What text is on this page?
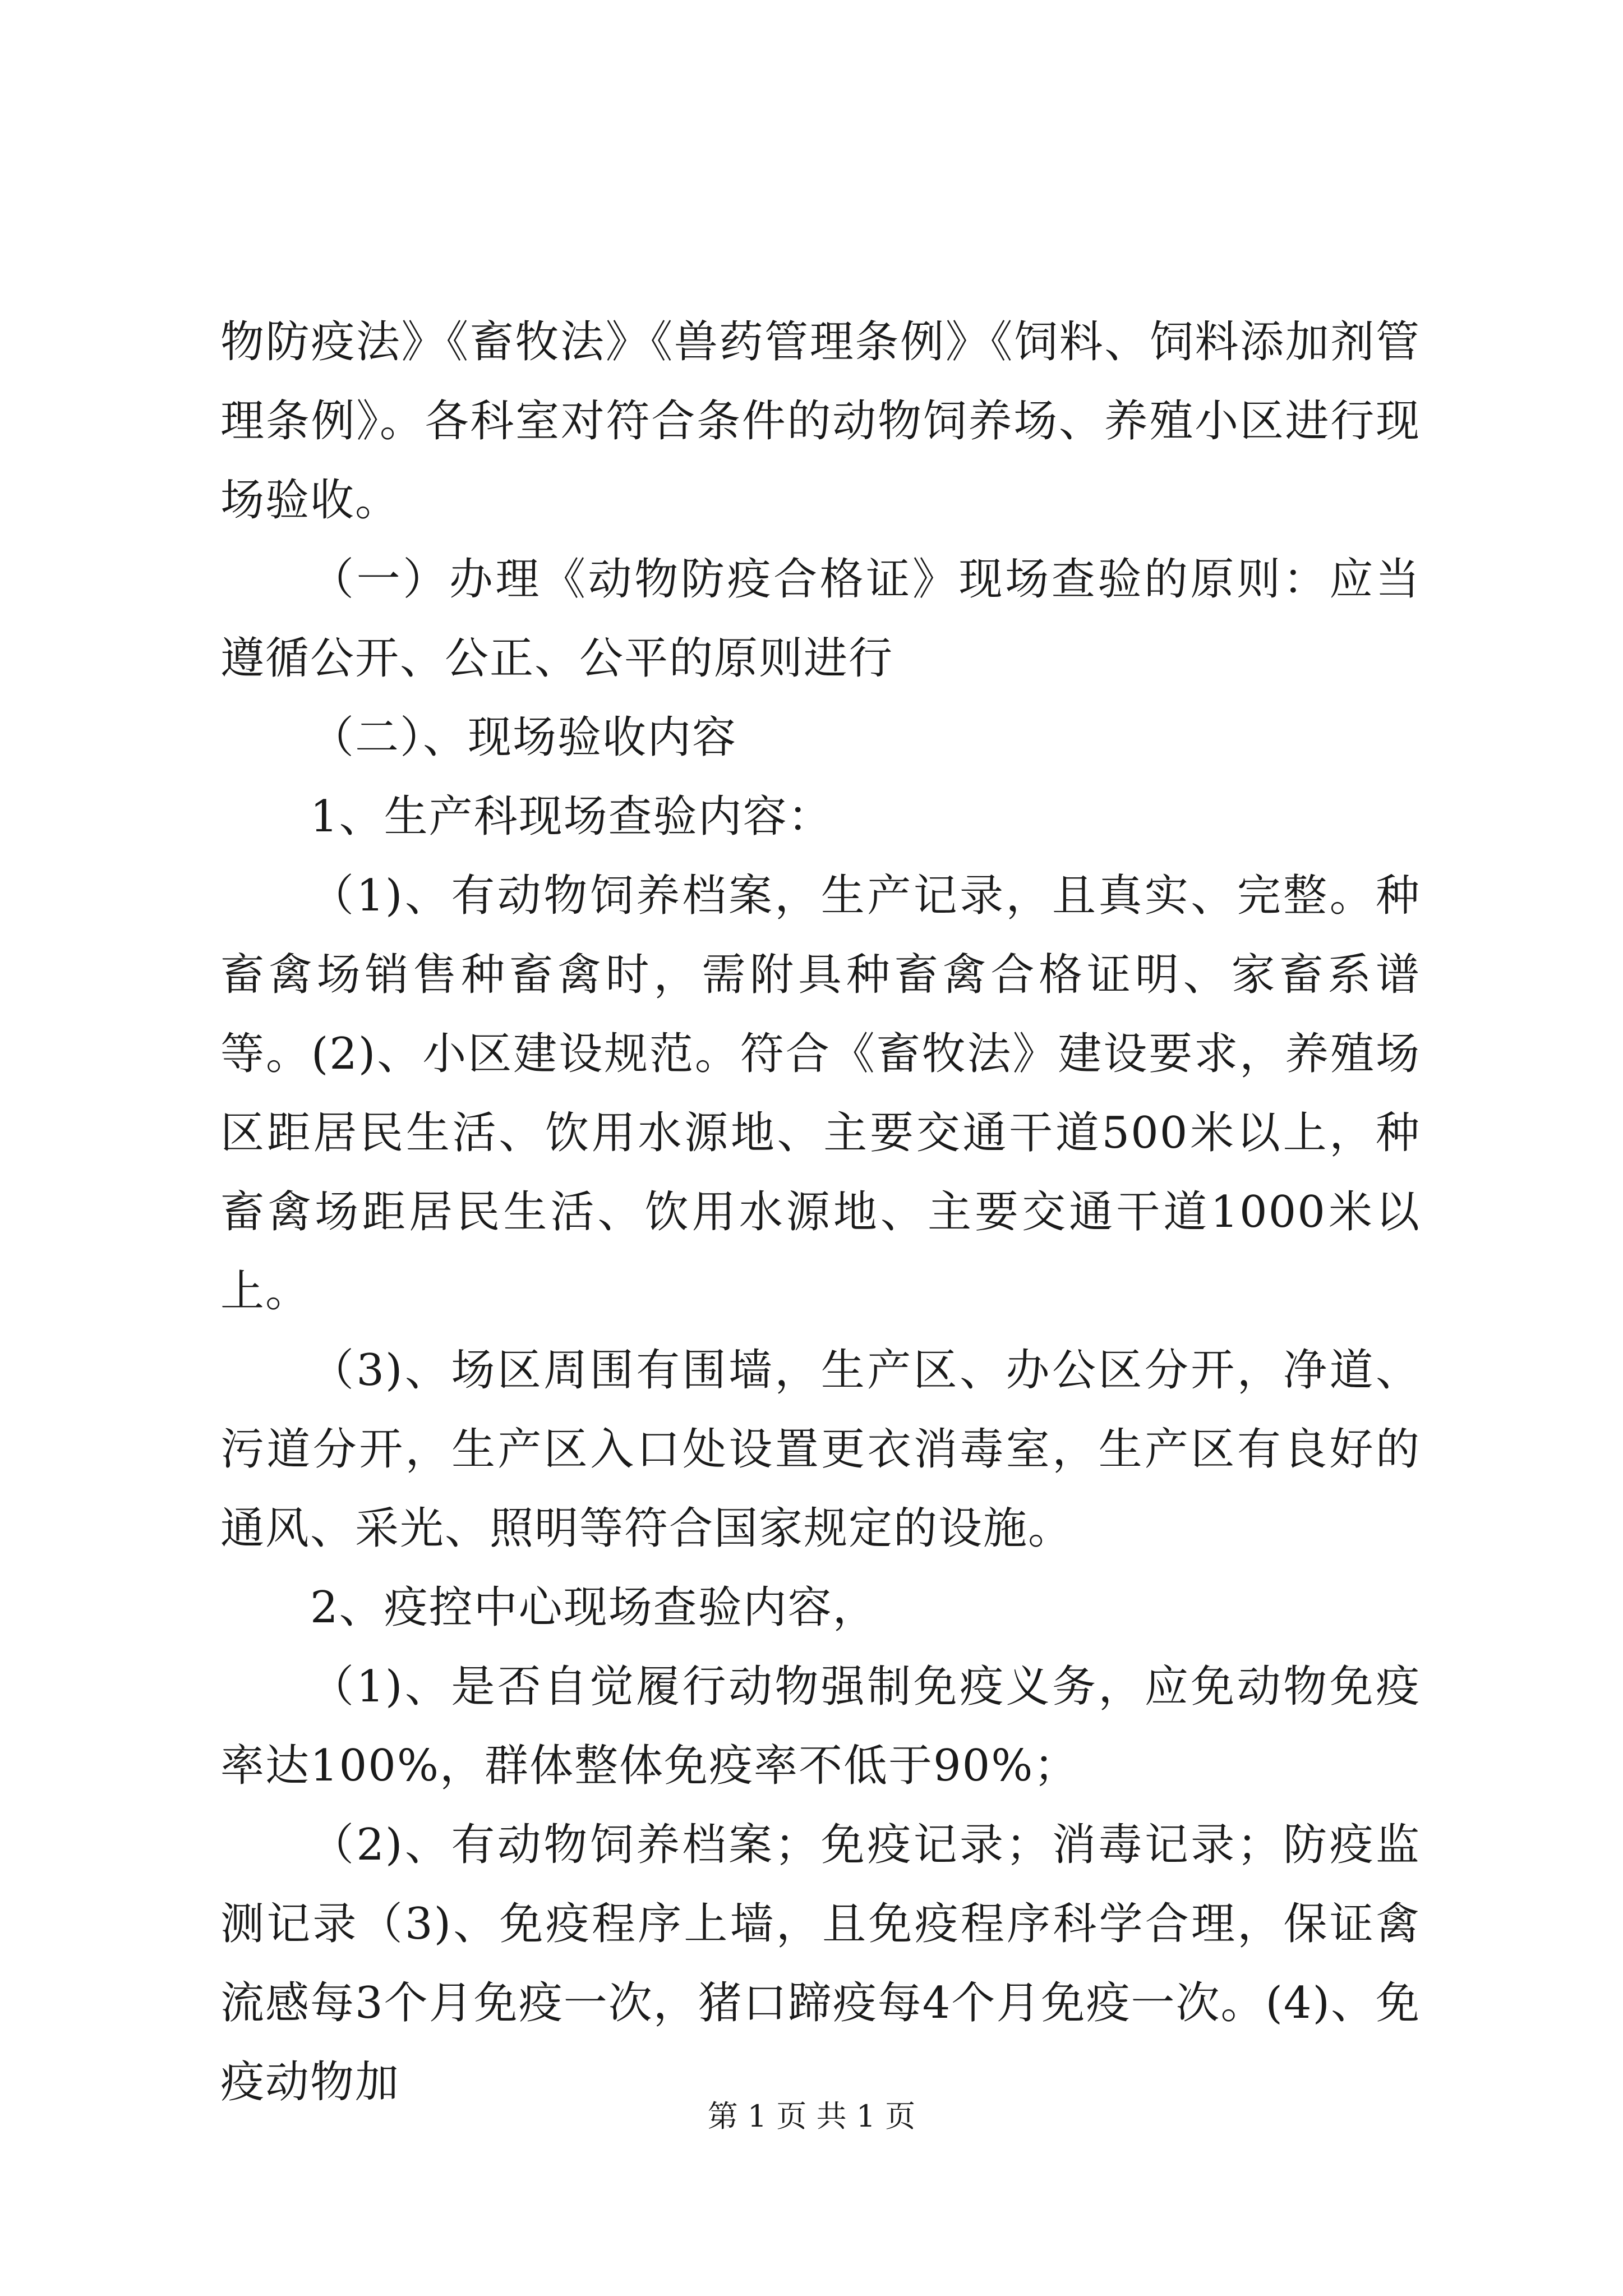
物防疫法》《畜牧法》《兽药管理条例》《饲料、饲料添加剂管理条例》。各科室对符合条件的动物饲养场、养殖小区进行现场验收。

（一）办理《动物防疫合格证》现场查验的原则：应当遵循公开、公正、公平的原则进行

（二）、现场验收内容

1、生产科现场查验内容：

（1)、有动物饲养档案，生产记录，且真实、完整。种畜禽场销售种畜禽时，需附具种畜禽合格证明、家畜系谱等。(2)、小区建设规范。符合《畜牧法》建设要求，养殖场区距居民生活、饮用水源地、主要交通干道500米以上，种畜禽场距居民生活、饮用水源地、主要交通干道1000米以上。

（3)、场区周围有围墙，生产区、办公区分开，净道、污道分开，生产区入口处设置更衣消毒室，生产区有良好的通风、采光、照明等符合国家规定的设施。

2、疫控中心现场查验内容，

（1)、是否自觉履行动物强制免疫义务，应免动物免疫率达100%，群体整体免疫率不低于90%；

（2)、有动物饲养档案；免疫记录；消毒记录；防疫监测记录（3)、免疫程序上墙，且免疫程序科学合理，保证禽流感每3个月免疫一次，猪口蹄疫每4个月免疫一次。(4)、免疫动物加

第 1 页 共 1 页
